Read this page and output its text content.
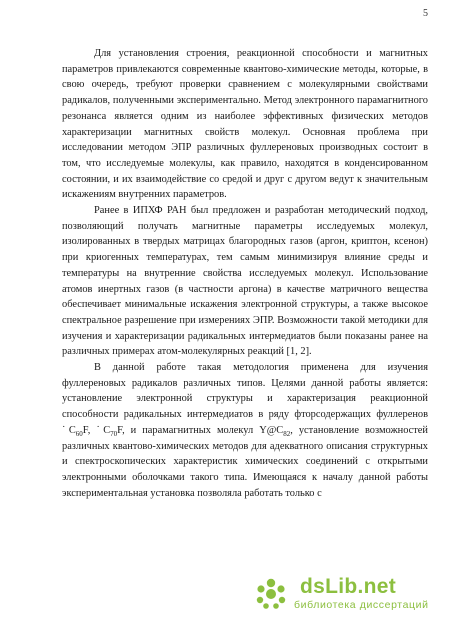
5

Для установления строения, реакционной способности и магнитных параметров привлекаются современные квантово-химические методы, которые, в свою очередь, требуют проверки сравнением с молекулярными свойствами радикалов, полученными экспериментально. Метод электронного парамагнитного резонанса является одним из наиболее эффективных физических методов характеризации магнитных свойств молекул. Основная проблема при исследовании методом ЭПР различных фуллереновых производных состоит в том, что исследуемые молекулы, как правило, находятся в конденсированном состоянии, и их взаимодействие со средой и друг с другом ведут к значительным искажениям внутренних параметров.

Ранее в ИПХФ РАН был предложен и разработан методический подход, позволяющий получать магнитные параметры исследуемых молекул, изолированных в твердых матрицах благородных газов (аргон, криптон, ксенон) при криогенных температурах, тем самым минимизируя влияние среды и температуры на внутренние свойства исследуемых молекул. Использование атомов инертных газов (в частности аргона) в качестве матричного вещества обеспечивает минимальные искажения электронной структуры, а также высокое спектральное разрешение при измерениях ЭПР. Возможности такой методики для изучения и характеризации радикальных интермедиатов были показаны ранее на различных примерах атом-молекулярных реакций [1, 2].

В данной работе такая методология применена для изучения фуллереновых радикалов различных типов. Целями данной работы является: установление электронной структуры и характеризация реакционной способности радикальных интермедиатов в ряду фторсодержащих фуллеренов $˙C_{60}F$, $˙C_{70}F$, и парамагнитных молекул $Y@C_{82}$, установление возможностей различных квантово-химических методов для адекватного описания структурных и спектроскопических характеристик химических соединений с открытыми электронными оболочками такого типа. Имеющаяся к началу данной работы экспериментальная установка позволяла работать только с

dsLib.net
библиотека диссертаций
